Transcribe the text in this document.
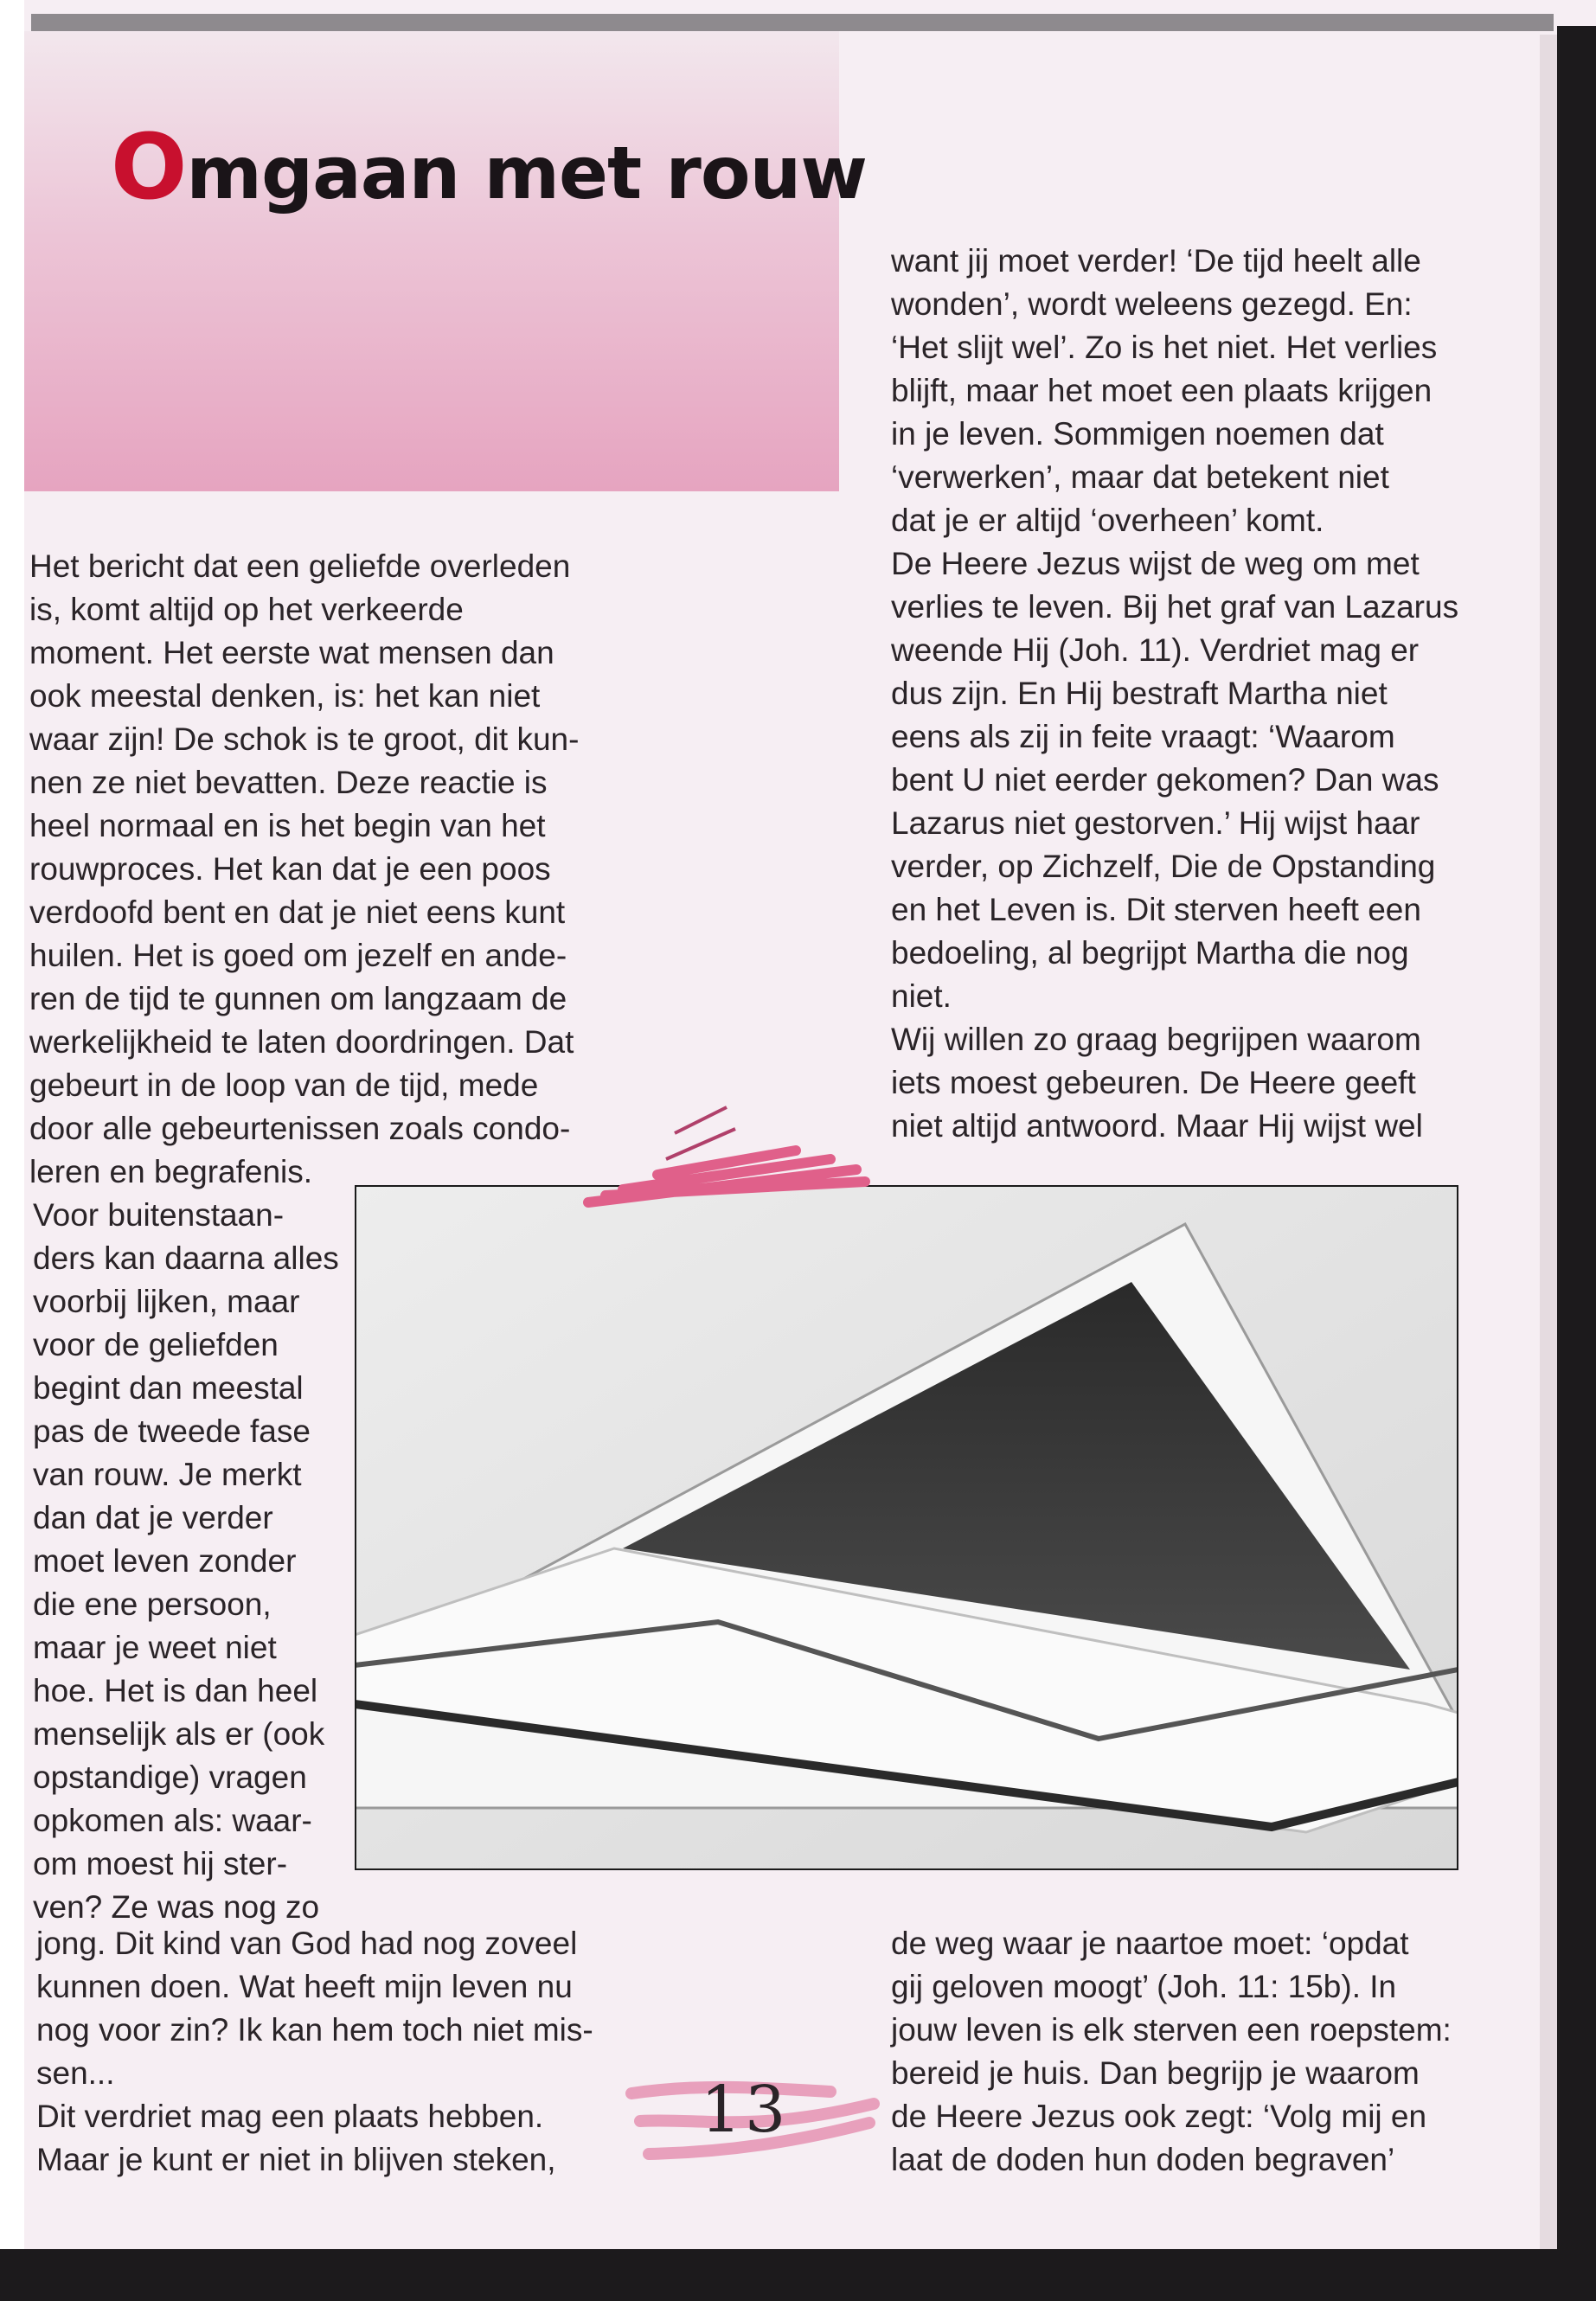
Omgaan met rouw

Het bericht dat een geliefde overleden
is, komt altijd op het verkeerde
moment. Het eerste wat mensen dan
ook meestal denken, is: het kan niet
waar zijn! De schok is te groot, dit kun-
nen ze niet bevatten. Deze reactie is
heel normaal en is het begin van het
rouwproces. Het kan dat je een poos
verdoofd bent en dat je niet eens kunt
huilen. Het is goed om jezelf en ande-
ren de tijd te gunnen om langzaam de
werkelijkheid te laten doordringen. Dat
gebeurt in de loop van de tijd, mede
door alle gebeurtenissen zoals condo-
leren en begrafenis.

Voor buitenstaan-
ders kan daarna alles
voorbij lijken, maar
voor de geliefden
begint dan meestal
pas de tweede fase
van rouw. Je merkt
dan dat je verder
moet leven zonder
die ene persoon,
maar je weet niet
hoe. Het is dan heel
menselijk als er (ook
opstandige) vragen
opkomen als: waar-
om moest hij ster-
ven? Ze was nog zo

jong. Dit kind van God had nog zoveel
kunnen doen. Wat heeft mijn leven nu
nog voor zin? Ik kan hem toch niet mis-
sen...
Dit verdriet mag een plaats hebben.
Maar je kunt er niet in blijven steken,

want jij moet verder! ‘De tijd heelt alle
wonden’, wordt weleens gezegd. En:
‘Het slijt wel’. Zo is het niet. Het verlies
blijft, maar het moet een plaats krijgen
in je leven. Sommigen noemen dat
‘verwerken’, maar dat betekent niet
dat je er altijd ‘overheen’ komt.
De Heere Jezus wijst de weg om met
verlies te leven. Bij het graf van Lazarus
weende Hij (Joh. 11). Verdriet mag er
dus zijn. En Hij bestraft Martha niet
eens als zij in feite vraagt: ‘Waarom
bent U niet eerder gekomen? Dan was
Lazarus niet gestorven.’ Hij wijst haar
verder, op Zichzelf, Die de Opstanding
en het Leven is. Dit sterven heeft een
bedoeling, al begrijpt Martha die nog
niet.
Wij willen zo graag begrijpen waarom
iets moest gebeuren. De Heere geeft
niet altijd antwoord. Maar Hij wijst wel

de weg waar je naartoe moet: ‘opdat
gij geloven moogt’ (Joh. 11: 15b). In
jouw leven is elk sterven een roepstem:
bereid je huis. Dan begrijp je waarom
de Heere Jezus ook zegt: ‘Volg mij en
laat de doden hun doden begraven’

13
